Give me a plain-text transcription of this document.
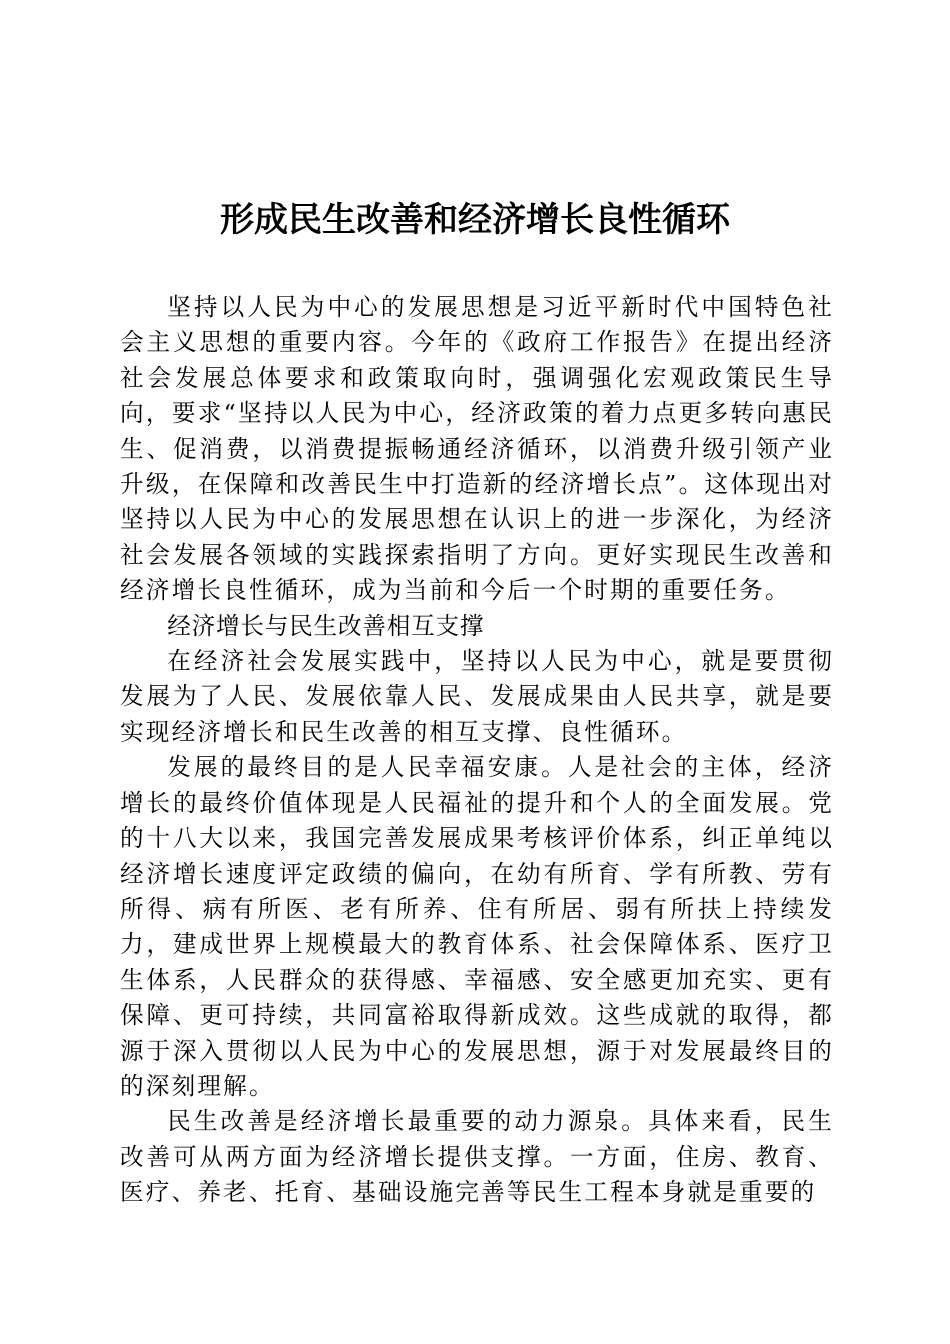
形成民生改善和经济增长良性循环

坚持以人民为中心的发展思想是习近平新时代中国特色社会主义思想的重要内容。今年的《政府工作报告》在提出经济社会发展总体要求和政策取向时，强调强化宏观政策民生导向，要求“坚持以人民为中心，经济政策的着力点更多转向惠民生、促消费，以消费提振畅通经济循环，以消费升级引领产业升级，在保障和改善民生中打造新的经济增长点”。这体现出对坚持以人民为中心的发展思想在认识上的进一步深化，为经济社会发展各领域的实践探索指明了方向。更好实现民生改善和经济增长良性循环，成为当前和今后一个时期的重要任务。

经济增长与民生改善相互支撑

在经济社会发展实践中，坚持以人民为中心，就是要贯彻发展为了人民、发展依靠人民、发展成果由人民共享，就是要实现经济增长和民生改善的相互支撑、良性循环。

发展的最终目的是人民幸福安康。人是社会的主体，经济增长的最终价值体现是人民福祉的提升和个人的全面发展。党的十八大以来，我国完善发展成果考核评价体系，纠正单纯以经济增长速度评定政绩的偏向，在幼有所育、学有所教、劳有所得、病有所医、老有所养、住有所居、弱有所扶上持续发力，建成世界上规模最大的教育体系、社会保障体系、医疗卫生体系，人民群众的获得感、幸福感、安全感更加充实、更有保障、更可持续，共同富裕取得新成效。这些成就的取得，都源于深入贯彻以人民为中心的发展思想，源于对发展最终目的的深刻理解。

民生改善是经济增长最重要的动力源泉。具体来看，民生改善可从两方面为经济增长提供支撑。一方面，住房、教育、医疗、养老、托育、基础设施完善等民生工程本身就是重要的
